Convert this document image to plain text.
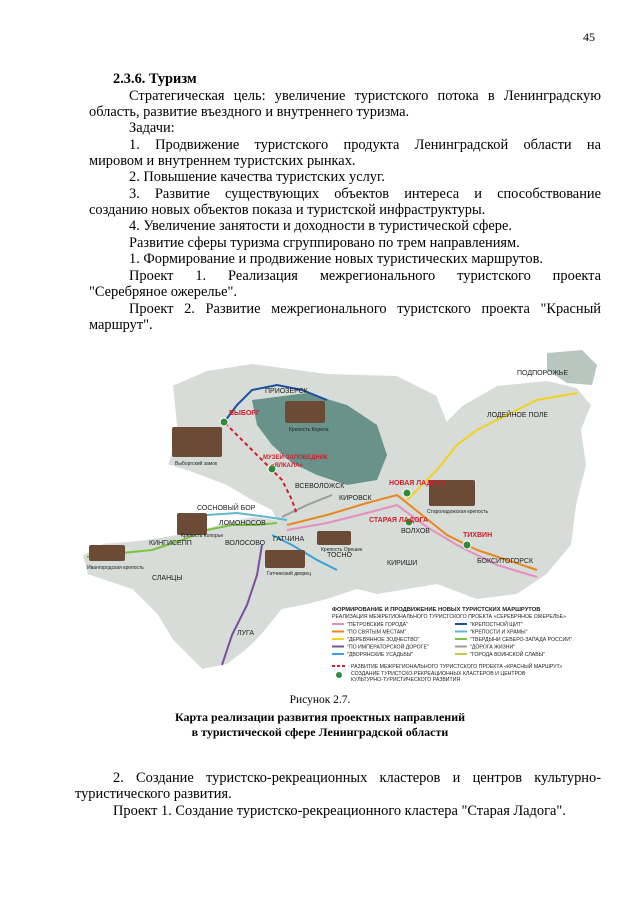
45
2.3.6. Туризм
Стратегическая цель: увеличение туристского потока в Ленинградскую
область, развитие въездного и внутреннего туризма.
Задачи:
1. Продвижение туристского продукта Ленинградской области на
мировом и внутреннем туристских рынках.
2. Повышение качества туристских услуг.
3. Развитие существующих объектов интереса и способствование
созданию новых объектов показа и туристской инфраструктуры.
4. Увеличение занятости и доходности в туристической сфере.
Развитие сферы туризма сгруппировано по трем направлениям.
1. Формирование и продвижение новых туристических маршрутов.
Проект 1. Реализация межрегионального туристского проекта
"Серебряное ожерелье".
Проект 2. Развитие межрегионального туристского проекта "Красный
маршрут".
ПРИОЗЕРСК
ВЫБОРГ
МУЗЕЙ-ЗАПОВЕДНИК
«ЯЛКАЛА»
ВСЕВОЛОЖСК
КИРОВСК
НОВАЯ ЛАДОГА
СТАРАЯ ЛАДОГА
ВОЛХОВ
ПОДПОРОЖЬЕ
ЛОДЕЙНОЕ ПОЛЕ
ТИХВИН
БОКСИТОГОРСК
КИРИШИ
ТОСНО
ГАТЧИНА
СОСНОВЫЙ БОР
ЛОМОНОСОВ
КИНГИСЕПП	ВОЛОСОВО
СЛАНЦЫ
ЛУГА
Крепость Корела
Выборгский замок
Староладожская крепость
Крепость Копорье
Крепость Орешек
Гатчинский дворец
Ивангородская крепость
ФОРМИРОВАНИЕ И ПРОДВИЖЕНИЕ НОВЫХ ТУРИСТСКИХ МАРШРУТОВ
РЕАЛИЗАЦИЯ МЕЖРЕГИОНАЛЬНОГО ТУРИСТСКОГО ПРОЕКТА «СЕРЕБРЯНОЕ ОЖЕРЕЛЬЕ»
"ПЕТРОВСКИЕ ГОРОДА"
"ПО СВЯТЫМ МЕСТАМ"
"ДЕРЕВЯННОЕ ЗОДЧЕСТВО"
"ПО ИМПЕРАТОРСКОЙ ДОРОГЕ"
"ДВОРЯНСКИЕ УСАДЬБЫ"
"КРЕПОСТНОЙ ЩИТ"
"КРЕПОСТИ И ХРАМЫ"
"ТВЕРДЫНИ СЕВЕРО-ЗАПАДА РОССИИ"
"ДОРОГА ЖИЗНИ"
"ГОРОДА ВОИНСКОЙ СЛАВЫ"
РАЗВИТИЕ МЕЖРЕГИОНАЛЬНОГО ТУРИСТСКОГО ПРОЕКТА «КРАСНЫЙ МАРШРУТ»
СОЗДАНИЕ ТУРИСТСКО-РЕКРЕАЦИОННЫХ КЛАСТЕРОВ И ЦЕНТРОВ
КУЛЬТУРНО-ТУРИСТИЧЕСКОГО РАЗВИТИЯ
Рисунок 2.7.
Карта реализации развития проектных направлений
в туристической сфере Ленинградской области
2. Создание туристско-рекреационных кластеров и центров культурно-
туристического развития.
Проект 1. Создание туристско-рекреационного кластера "Старая Ладога".
